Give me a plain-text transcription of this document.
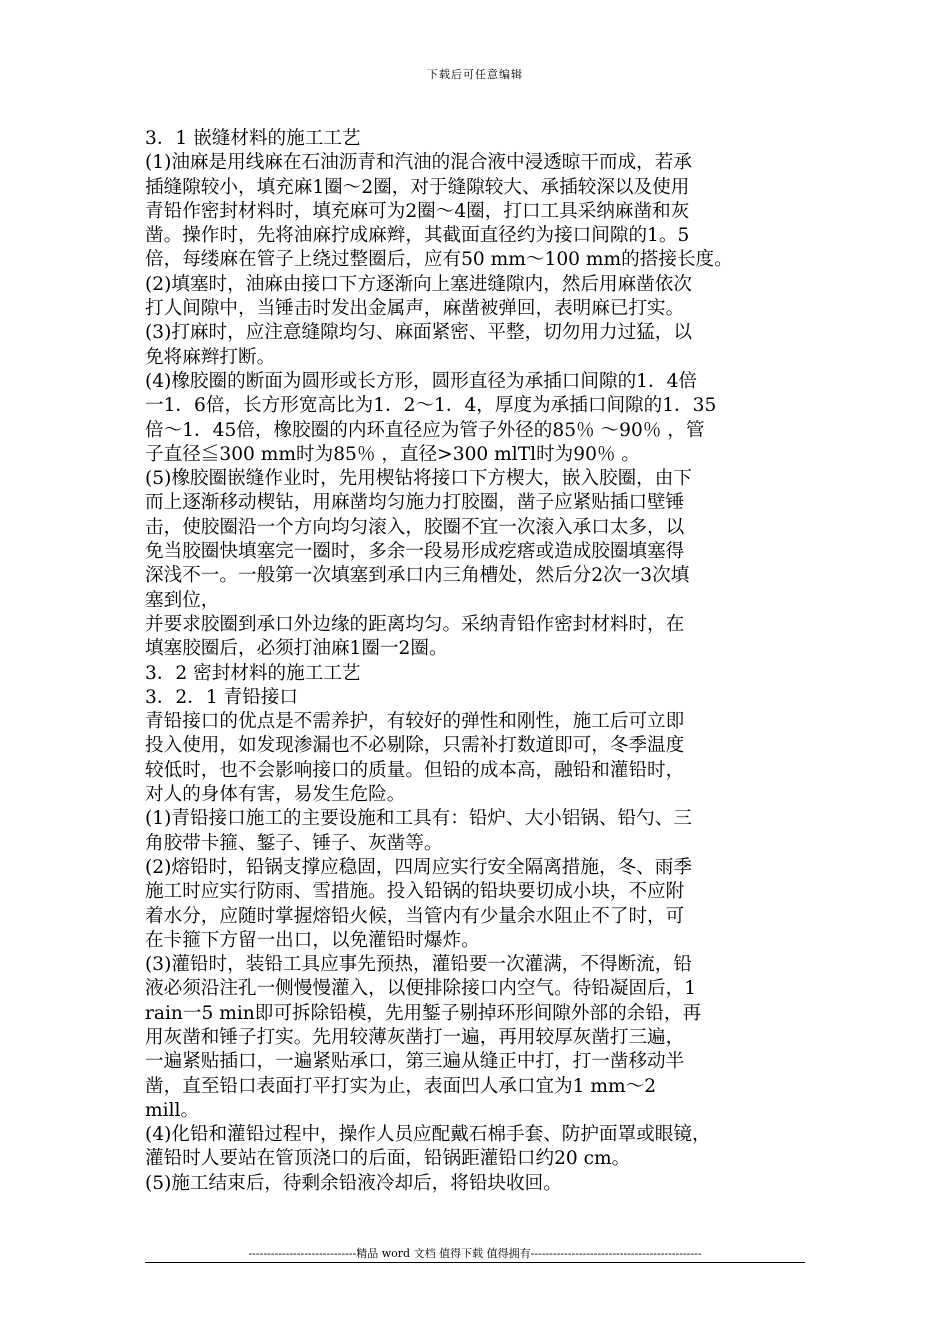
下载后可任意编辑
3．1 嵌缝材料的施工工艺
(1)油麻是用线麻在石油沥青和汽油的混合液中浸透晾干而成，若承
插缝隙较小，填充麻1圈～2圈，对于缝隙较大、承插较深以及使用
青铅作密封材料时，填充麻可为2圈～4圈，打口工具采纳麻凿和灰
凿。操作时，先将油麻拧成麻辫，其截面直径约为接口间隙的1。5
倍，每缕麻在管子上绕过整圈后，应有50 mm～100 mm的搭接长度。
(2)填塞时，油麻由接口下方逐渐向上塞进缝隙内，然后用麻凿依次
打人间隙中，当锤击时发出金属声，麻凿被弹回，表明麻已打实。
(3)打麻时，应注意缝隙均匀、麻面紧密、平整，切勿用力过猛，以
免将麻辫打断。
(4)橡胶圈的断面为圆形或长方形，圆形直径为承插口间隙的1．4倍
一1．6倍，长方形宽高比为1．2～1．4，厚度为承插口间隙的1．35
倍～1．45倍，橡胶圈的内环直径应为管子外径的85％ ～90％ ，管
子直径≦300 mm时为85％ ，直径>300 mlTl时为90％ 。
(5)橡胶圈嵌缝作业时，先用楔钻将接口下方楔大，嵌入胶圈，由下
而上逐渐移动楔钻，用麻凿均匀施力打胶圈，凿子应紧贴插口壁锤
击，使胶圈沿一个方向均匀滚入，胶圈不宜一次滚入承口太多，以
免当胶圈快填塞完一圈时，多余一段易形成疙瘩或造成胶圈填塞得
深浅不一。一般第一次填塞到承口内三角槽处，然后分2次一3次填
塞到位，
并要求胶圈到承口外边缘的距离均匀。采纳青铅作密封材料时，在
填塞胶圈后，必须打油麻1圈一2圈。
3．2 密封材料的施工工艺
3．2．1 青铅接口
青铅接口的优点是不需养护，有较好的弹性和刚性，施工后可立即
投入使用，如发现渗漏也不必剔除，只需补打数道即可，冬季温度
较低时，也不会影响接口的质量。但铅的成本高，融铅和灌铅时，
对人的身体有害，易发生危险。
(1)青铅接口施工的主要设施和工具有：铅炉、大小铝锅、铅勺、三
角胶带卡箍、錾子、锤子、灰凿等。
(2)熔铅时，铅锅支撑应稳固，四周应实行安全隔离措施，冬、雨季
施工时应实行防雨、雪措施。投入铅锅的铅块要切成小块，不应附
着水分，应随时掌握熔铅火候，当管内有少量余水阻止不了时，可
在卡箍下方留一出口，以免灌铅时爆炸。
(3)灌铅时，装铅工具应事先预热，灌铅要一次灌满，不得断流，铅
液必须沿注孔一侧慢慢灌入，以便排除接口内空气。待铅凝固后，1
rain一5 min即可拆除铅模，先用錾子剔掉环形间隙外部的余铅，再
用灰凿和锤子打实。先用较薄灰凿打一遍，再用较厚灰凿打三遍，
一遍紧贴插口，一遍紧贴承口，第三遍从缝正中打，打一凿移动半
凿，直至铅口表面打平打实为止，表面凹人承口宜为1 mm～2
mill。
(4)化铅和灌铅过程中，操作人员应配戴石棉手套、防护面罩或眼镜，
灌铅时人要站在管顶浇口的后面，铅锅距灌铅口约20 cm。
(5)施工结束后，待剩余铅液冷却后，将铅块收回。
-----------------------------精品 word 文档 值得下载 值得拥有----------------------------------------------
